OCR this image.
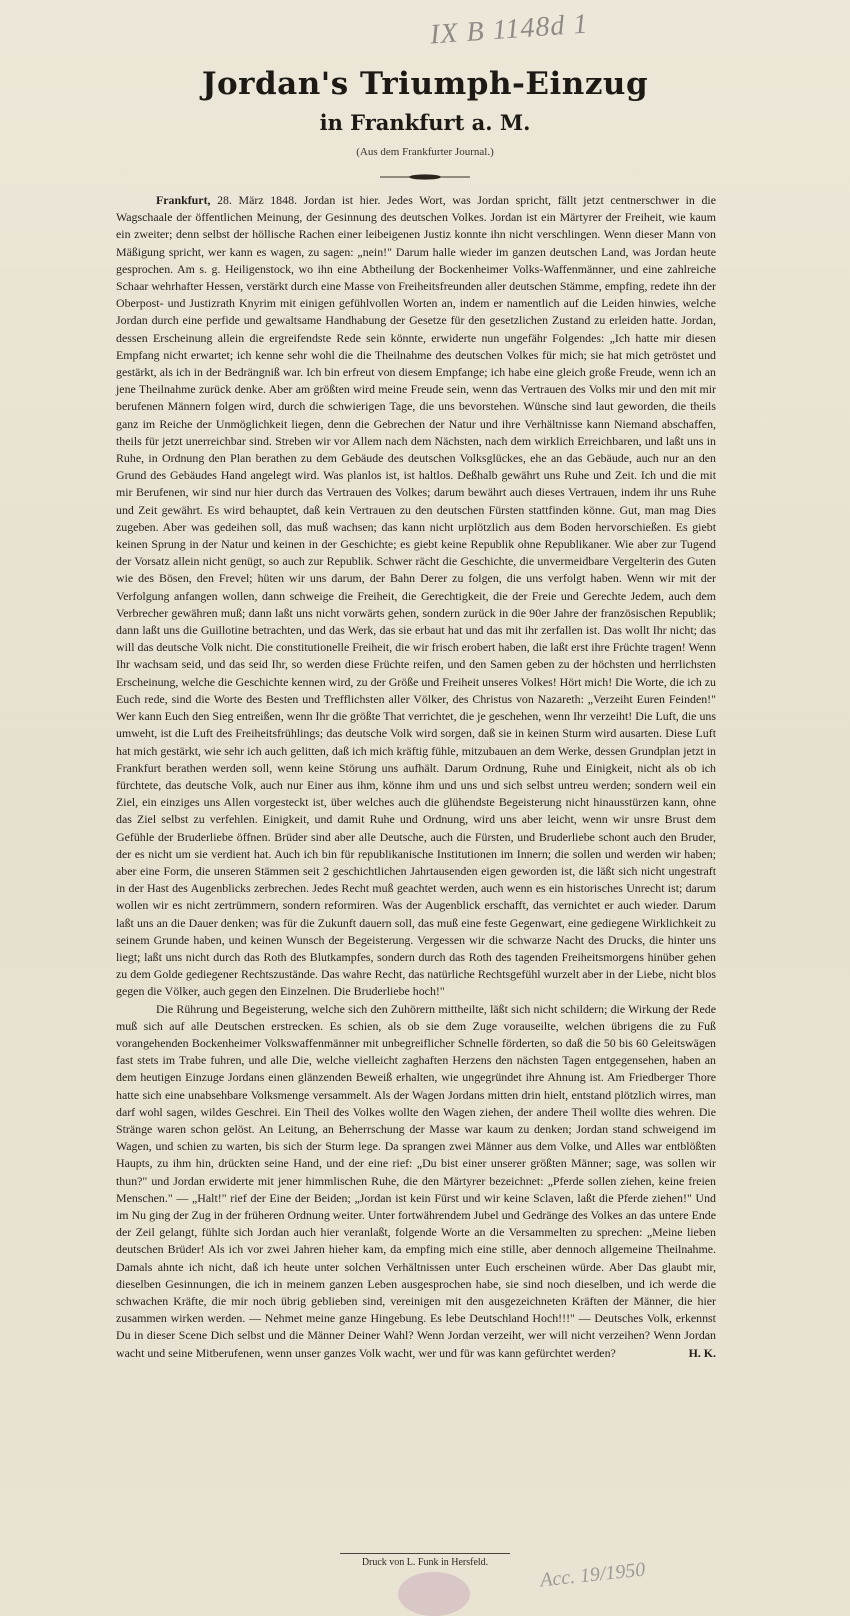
IX B 1148d 1
Jordan's Triumph-Einzug
in Frankfurt a. M.
(Aus dem Frankfurter Journal.)

Frankfurt, 28. März 1848. Jordan ist hier. Jedes Wort, was Jordan spricht, fällt jetzt centnerschwer in die Wagschaale der öffentlichen Meinung, der Gesinnung des deutschen Volkes. Jordan ist ein Märtyrer der Freiheit, wie kaum ein zweiter; denn selbst der höllische Rachen einer leibeigenen Justiz konnte ihn nicht verschlingen. Wenn dieser Mann von Mäßigung spricht, wer kann es wagen, zu sagen: „nein!" Darum halle wieder im ganzen deutschen Land, was Jordan heute gesprochen. Am s. g. Heiligenstock, wo ihn eine Abtheilung der Bockenheimer Volks-Waffenmänner, und eine zahlreiche Schaar wehrhafter Hessen, verstärkt durch eine Masse von Freiheitsfreunden aller deutschen Stämme, empfing, redete ihn der Oberpost- und Justizrath Knyrim mit einigen gefühlvollen Worten an, indem er namentlich auf die Leiden hinwies, welche Jordan durch eine perfide und gewaltsame Handhabung der Gesetze für den gesetzlichen Zustand zu erleiden hatte. Jordan, dessen Erscheinung allein die ergreifendste Rede sein könnte, erwiderte nun ungefähr Folgendes: „Ich hatte mir diesen Empfang nicht erwartet; ich kenne sehr wohl die die Theilnahme des deutschen Volkes für mich; sie hat mich getröstet und gestärkt, als ich in der Bedrängniß war. Ich bin erfreut von diesem Empfange; ich habe eine gleich große Freude, wenn ich an jene Theilnahme zurück denke. Aber am größten wird meine Freude sein, wenn das Vertrauen des Volks mir und den mit mir berufenen Männern folgen wird, durch die schwierigen Tage, die uns bevorstehen. Wünsche sind laut geworden, die theils ganz im Reiche der Unmöglichkeit liegen, denn die Gebrechen der Natur und ihre Verhältnisse kann Niemand abschaffen, theils für jetzt unerreichbar sind. Streben wir vor Allem nach dem Nächsten, nach dem wirklich Erreichbaren, und laßt uns in Ruhe, in Ordnung den Plan berathen zu dem Gebäude des deutschen Volksglückes, ehe an das Gebäude, auch nur an den Grund des Gebäudes Hand angelegt wird. Was planlos ist, ist haltlos. Deßhalb gewährt uns Ruhe und Zeit. Ich und die mit mir Berufenen, wir sind nur hier durch das Vertrauen des Volkes; darum bewährt auch dieses Vertrauen, indem ihr uns Ruhe und Zeit gewährt. Es wird behauptet, daß kein Vertrauen zu den deutschen Fürsten stattfinden könne. Gut, man mag Dies zugeben. Aber was gedeihen soll, das muß wachsen; das kann nicht urplötzlich aus dem Boden hervorschießen. Es giebt keinen Sprung in der Natur und keinen in der Geschichte; es giebt keine Republik ohne Republikaner. Wie aber zur Tugend der Vorsatz allein nicht genügt, so auch zur Republik. Schwer rächt die Geschichte, die unvermeidbare Vergelterin des Guten wie des Bösen, den Frevel; hüten wir uns darum, der Bahn Derer zu folgen, die uns verfolgt haben. Wenn wir mit der Verfolgung anfangen wollen, dann schweige die Freiheit, die Gerechtigkeit, die der Freie und Gerechte Jedem, auch dem Verbrecher gewähren muß; dann laßt uns nicht vorwärts gehen, sondern zurück in die 90er Jahre der französischen Republik; dann laßt uns die Guillotine betrachten, und das Werk, das sie erbaut hat und das mit ihr zerfallen ist. Das wollt Ihr nicht; das will das deutsche Volk nicht. Die constitutionelle Freiheit, die wir frisch erobert haben, die laßt erst ihre Früchte tragen! Wenn Ihr wachsam seid, und das seid Ihr, so werden diese Früchte reifen, und den Samen geben zu der höchsten und herrlichsten Erscheinung, welche die Geschichte kennen wird, zu der Größe und Freiheit unseres Volkes! Hört mich! Die Worte, die ich zu Euch rede, sind die Worte des Besten und Trefflichsten aller Völker, des Christus von Nazareth: „Verzeiht Euren Feinden!" Wer kann Euch den Sieg entreißen, wenn Ihr die größte That verrichtet, die je geschehen, wenn Ihr verzeiht! Die Luft, die uns umweht, ist die Luft des Freiheitsfrühlings; das deutsche Volk wird sorgen, daß sie in keinen Sturm wird ausarten. Diese Luft hat mich gestärkt, wie sehr ich auch gelitten, daß ich mich kräftig fühle, mitzubauen an dem Werke, dessen Grundplan jetzt in Frankfurt berathen werden soll, wenn keine Störung uns aufhält. Darum Ordnung, Ruhe und Einigkeit, nicht als ob ich fürchtete, das deutsche Volk, auch nur Einer aus ihm, könne ihm und uns und sich selbst untreu werden; sondern weil ein Ziel, ein einziges uns Allen vorgesteckt ist, über welches auch die glühendste Begeisterung nicht hinausstürzen kann, ohne das Ziel selbst zu verfehlen. Einigkeit, und damit Ruhe und Ordnung, wird uns aber leicht, wenn wir unsre Brust dem Gefühle der Bruderliebe öffnen. Brüder sind aber alle Deutsche, auch die Fürsten, und Bruderliebe schont auch den Bruder, der es nicht um sie verdient hat. Auch ich bin für republikanische Institutionen im Innern; die sollen und werden wir haben; aber eine Form, die unseren Stämmen seit 2 geschichtlichen Jahrtausenden eigen geworden ist, die läßt sich nicht ungestraft in der Hast des Augenblicks zerbrechen. Jedes Recht muß geachtet werden, auch wenn es ein historisches Unrecht ist; darum wollen wir es nicht zertrümmern, sondern reformiren. Was der Augenblick erschafft, das vernichtet er auch wieder. Darum laßt uns an die Dauer denken; was für die Zukunft dauern soll, das muß eine feste Gegenwart, eine gediegene Wirklichkeit zu seinem Grunde haben, und keinen Wunsch der Begeisterung. Vergessen wir die schwarze Nacht des Drucks, die hinter uns liegt; laßt uns nicht durch das Roth des Blutkampfes, sondern durch das Roth des tagenden Freiheitsmorgens hinüber gehen zu dem Golde gediegener Rechtszustände. Das wahre Recht, das natürliche Rechtsgefühl wurzelt aber in der Liebe, nicht blos gegen die Völker, auch gegen den Einzelnen. Die Bruderliebe hoch!"

Die Rührung und Begeisterung, welche sich den Zuhörern mittheilte, läßt sich nicht schildern; die Wirkung der Rede muß sich auf alle Deutschen erstrecken. Es schien, als ob sie dem Zuge vorauseilte, welchen übrigens die zu Fuß vorangehenden Bockenheimer Volkswaffenmänner mit unbegreiflicher Schnelle förderten, so daß die 50 bis 60 Geleitswägen fast stets im Trabe fuhren, und alle Die, welche vielleicht zaghaften Herzens den nächsten Tagen entgegensehen, haben an dem heutigen Einzuge Jordans einen glänzenden Beweiß erhalten, wie ungegründet ihre Ahnung ist. Am Friedberger Thore hatte sich eine unabsehbare Volksmenge versammelt. Als der Wagen Jordans mitten drin hielt, entstand plötzlich wirres, man darf wohl sagen, wildes Geschrei. Ein Theil des Volkes wollte den Wagen ziehen, der andere Theil wollte dies wehren. Die Stränge waren schon gelöst. An Leitung, an Beherrschung der Masse war kaum zu denken; Jordan stand schweigend im Wagen, und schien zu warten, bis sich der Sturm lege. Da sprangen zwei Männer aus dem Volke, und Alles war entblößten Haupts, zu ihm hin, drückten seine Hand, und der eine rief: „Du bist einer unserer größten Männer; sage, was sollen wir thun?" und Jordan erwiderte mit jener himmlischen Ruhe, die den Märtyrer bezeichnet: „Pferde sollen ziehen, keine freien Menschen." — „Halt!" rief der Eine der Beiden; „Jordan ist kein Fürst und wir keine Sclaven, laßt die Pferde ziehen!" Und im Nu ging der Zug in der früheren Ordnung weiter. Unter fortwährendem Jubel und Gedränge des Volkes an das untere Ende der Zeil gelangt, fühlte sich Jordan auch hier veranlaßt, folgende Worte an die Versammelten zu sprechen: „Meine lieben deutschen Brüder! Als ich vor zwei Jahren hieher kam, da empfing mich eine stille, aber dennoch allgemeine Theilnahme. Damals ahnte ich nicht, daß ich heute unter solchen Verhältnissen unter Euch erscheinen würde. Aber Das glaubt mir, dieselben Gesinnungen, die ich in meinem ganzen Leben ausgesprochen habe, sie sind noch dieselben, und ich werde die schwachen Kräfte, die mir noch übrig geblieben sind, vereinigen mit den ausgezeichneten Kräften der Männer, die hier zusammen wirken werden. — Nehmet meine ganze Hingebung. Es lebe Deutschland Hoch!!!" — Deutsches Volk, erkennst Du in dieser Scene Dich selbst und die Männer Deiner Wahl? Wenn Jordan verzeiht, wer will nicht verzeihen? Wenn Jordan wacht und seine Mitberufenen, wenn unser ganzes Volk wacht, wer und für was kann gefürchtet werden?	H. K.

Druck von L. Funk in Hersfeld.	Acc. 19/1950
